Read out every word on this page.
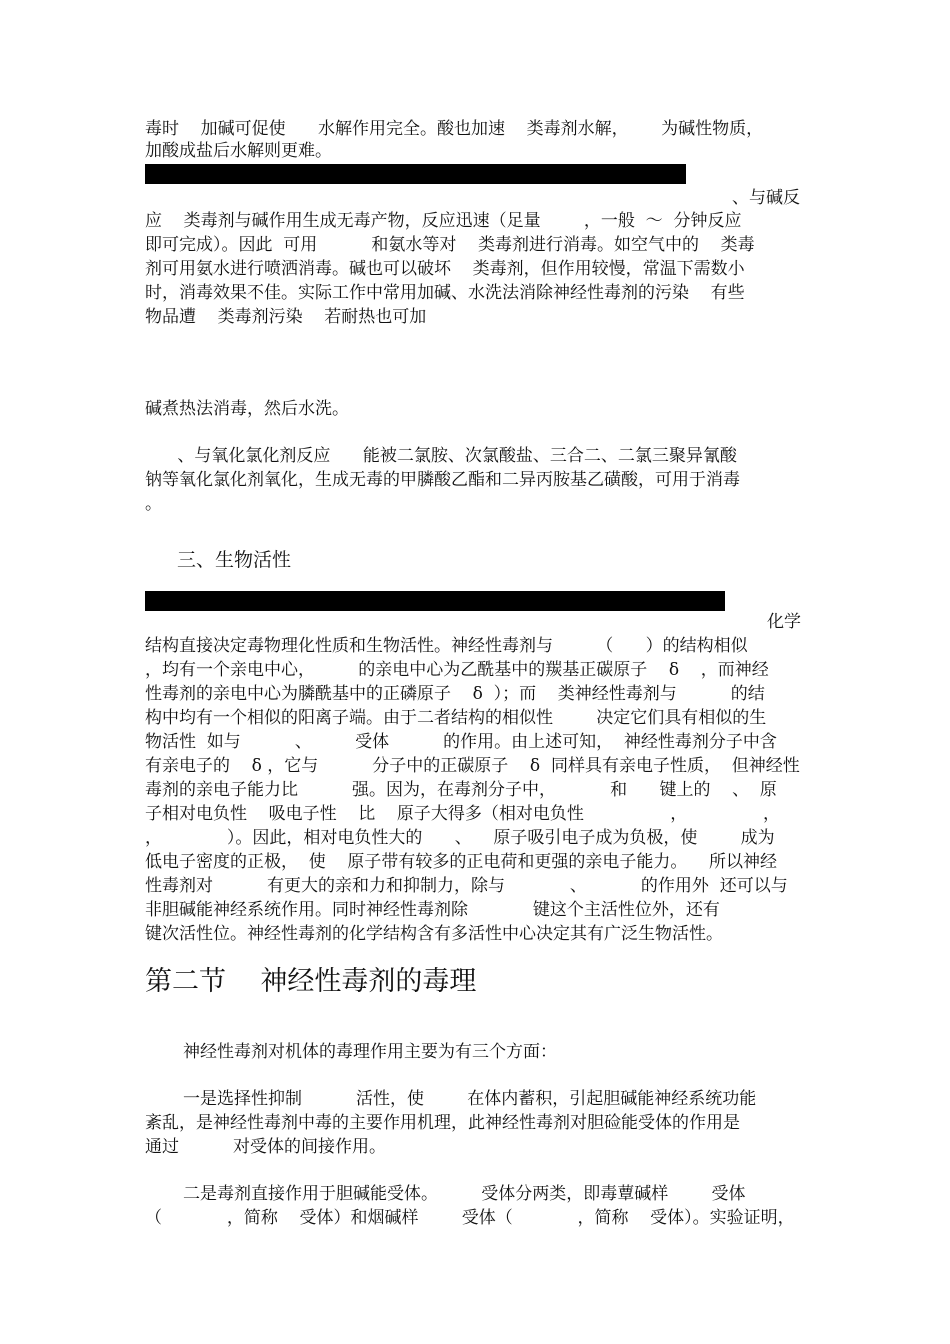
毒时    加碱可促使      水解作用完全。酸也加速    类毒剂水解，      为碱性物质，
加酸成盐后水解则更难。
、与碱反
应    类毒剂与碱作用生成无毒产物，反应迅速（足量        ，一般  ～  分钟反应
即可完成）。因此  可用          和氨水等对    类毒剂进行消毒。如空气中的    类毒
剂可用氨水进行喷洒消毒。碱也可以破坏    类毒剂，但作用较慢，常温下需数小
时，消毒效果不佳。实际工作中常用加碱、水洗法消除神经性毒剂的污染    有些
物品遭    类毒剂污染    若耐热也可加
碱煮热法消毒，然后水洗。
、与氧化氯化剂反应      能被二氯胺、次氯酸盐、三合二、二氯三聚异氰酸
钠等氧化氯化剂氧化，生成无毒的甲膦酸乙酯和二异丙胺基乙磺酸，可用于消毒
。
三、生物活性
化学
结构直接决定毒物理化性质和生物活性。神经性毒剂与        （      ）的结构相似
，均有一个亲电中心，        的亲电中心为乙酰基中的羰基正碳原子    δ    ，而神经
性毒剂的亲电中心为膦酰基中的正磷原子    δ  ）；而    类神经性毒剂与          的结
构中均有一个相似的阳离子端。由于二者结构的相似性        决定它们具有相似的生
物活性  如与          、        受体          的作用。由上述可知，  神经性毒剂分子中含
有亲电子的    δ ，它与          分子中的正碳原子    δ  同样具有亲电子性质，  但神经性
毒剂的亲电子能力比          强。因为，在毒剂分子中，          和      键上的    、  原
子相对电负性    吸电子性    比    原子大得多（相对电负性                ，              ，
，            ）。因此，相对电负性大的      、    原子吸引电子成为负极，使        成为
低电子密度的正极，  使    原子带有较多的正电荷和更强的亲电子能力。    所以神经
性毒剂对          有更大的亲和力和抑制力，除与            、          的作用外  还可以与
非胆碱能神经系统作用。同时神经性毒剂除            键这个主活性位外，还有
键次活性位。神经性毒剂的化学结构含有多活性中心决定其有广泛生物活性。
第二节    神经性毒剂的毒理
神经性毒剂对机体的毒理作用主要为有三个方面：
一是选择性抑制          活性，使        在体内蓄积，引起胆碱能神经系统功能
紊乱，是神经性毒剂中毒的主要作用机理，此神经性毒剂对胆硷能受体的作用是
通过          对受体的间接作用。
二是毒剂直接作用于胆碱能受体。        受体分两类，即毒蕈碱样        受体
（            ，简称    受体）和烟碱样        受体（            ，简称    受体）。实验证明，
